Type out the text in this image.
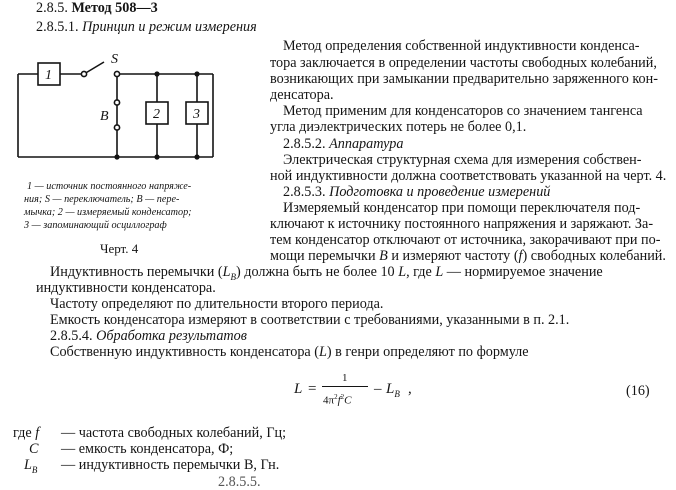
2.8.5. Метод 508—3
2.8.5.1. Принцип и режим измерения
1
2 3
S
B
1 — источник постоянного напряже-
ния; S — переключатель; B — пере-
мычка; 2 — измеряемый конденсатор;
3 — запоминающий осциллограф
Черт. 4
Метод определения собственной индуктивности конденса-
тора заключается в определении частоты свободных колебаний,
возникающих при замыкании предварительно заряженного кон-
денсатора.
Метод применим для конденсаторов со значением тангенса
угла диэлектрических потерь не более 0,1.
2.8.5.2. Аппаратура
Электрическая структурная схема для измерения собствен-
ной индуктивности должна соответствовать указанной на черт. 4.
2.8.5.3. Подготовка и проведение измерений
Измеряемый конденсатор при помощи переключателя под-
ключают к источнику постоянного напряжения и заряжают. За-
тем конденсатор отключают от источника, закорачивают при по-
мощи перемычки B и измеряют частоту (f) свободных колебаний.
Индуктивность перемычки $(L_B)$ должна быть не более 10 L, где L — нормируемое значение
индуктивности конденсатора.
Частоту определяют по длительности второго периода.
Емкость конденсатора измеряют в соответствии с требованиями, указанными в п. 2.1.
2.8.5.4. Обработка результатов
Собственную индуктивность конденсатора (L) в генри определяют по формуле
L =
1
$4\pi^2f^2C$
– $L_B$ ,	(16)
где f — частота свободных колебаний, Гц;
C — емкость конденсатора, Ф;
$L_B$ — индуктивность перемычки B, Гн.
2.8.5.5.
